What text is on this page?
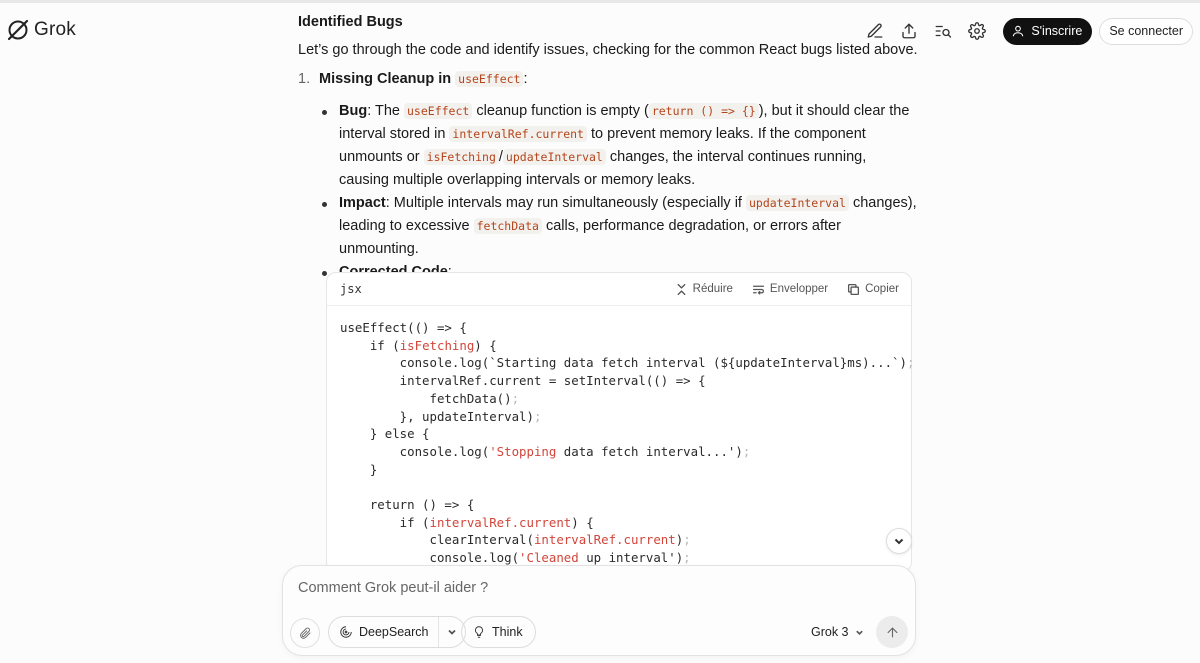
Grok	S'inscrire Se connecter
Identified Bugs
Let’s go through the code and identify issues, checking for the common React bugs listed above.
1. Missing Cleanup in
useEffect :
Bug: The useEffect cleanup function is empty ( return () => {} ), but it should clear the interval stored in intervalRef.current to prevent memory leaks. If the component unmounts or isFetching / updateInterval changes, the interval continues running, causing multiple overlapping intervals or memory leaks.
Impact: Multiple intervals may run simultaneously (especially if updateInterval changes), leading to excessive fetchData calls, performance degradation, or errors after unmounting.
jsx	Réduire	Envelopper	Copier
useEffect(() => {
if (isFetching) {
console.log(`Starting data fetch interval (${updateInterval}ms)...`);
intervalRef.current = setInterval(() => {
fetchData();
}, updateInterval);
} else {
console.log('Stopping data fetch interval...');
}

return () => {
if (intervalRef.current) {
clearInterval(intervalRef.current);
console.log('Cleaned up interval');
Comment Grok peut-il aider ?
DeepSearch	Think	Grok 3
